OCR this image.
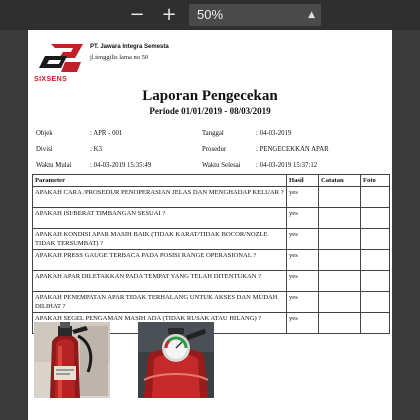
− +	50%	▲

SIXSENS
PT. Jawara Integra Semesta
jl.tenggilis lama no 50
Laporan Pengecekan
Periode 01/01/2019 - 08/03/2019
Objek	: APR - 001	Tanggal	: 04-03-2019
Divisi	: K3	Prosedur	: PENGECEKKAN APAR
Waktu Mulai	: 04-03-2019 15:35:49	Waktu Selesai : 04-03-2019 15:37:12
Parameter	Hasil	Catatan	Foto
APAKAH CARA /PROSEDUR PENOPERASIAN JELAS DAN MENGHADAP KELUAR ?	yes		
APAKAH ISI/BERAT TIMBANGAN SESUAI ?	yes		
APAKAH KONDISI APAR MASIH BAIK (TIDAK KARAT/TIDAK BOCOR/NOZLE TIDAK TERSUMBAT) ?	yes		
APAKAH PRESS GAUGE TERBACA PADA POSISI RANGE OPERASIONAL ?	yes		
APAKAH APAR DILETAKKAN PADA TEMPAT YANG TELAH DITENTUKAN ?	yes		
APAKAH PENEMPATAN APAR TIDAK TERHALANG UNTUK AKSES DAN MUDAH DILIHAT ?	yes		
APAKAH SEGEL PENGAMAN MASIH ADA (TIDAK RUSAK ATAU HILANG) ?	yes		
